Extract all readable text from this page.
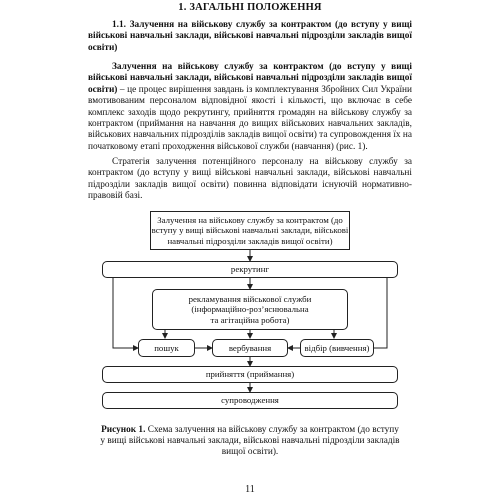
1. ЗАГАЛЬНІ ПОЛОЖЕННЯ

1.1. Залучення на військову службу за контрактом (до вступу у вищі військові навчальні заклади, військові навчальні підрозділи закладів вищої освіти)

Залучення на військову службу за контрактом (до вступу у вищі військові навчальні заклади, військові навчальні підрозділи закладів вищої освіти) – це процес вирішення завдань із комплектування Збройних Сил України вмотивованим персоналом відповідної якості і кількості, що включає в себе комплекс заходів щодо рекрутингу, прийняття громадян на військову службу за контрактом (приймання на навчання до вищих військових навчальних закладів, військових навчальних підрозділів закладів вищої освіти) та супровождення їх на початковому етапі проходження військової служби (навчання) (рис. 1).

Стратегія залучення потенційного персоналу на військову службу за контрактом (до вступу у вищі військові навчальні заклади, військові навчальні підрозділи закладів вищої освіти) повинна відповідати існуючій нормативно-правовій базі.

Залучення на військову службу за контрактом (до вступу у вищі військові навчальні заклади, військові навчальні підрозділи закладів вищої освіти)
рекрутинг
рекламування військової служби
(інформаційно-роз’яснювальна
та агітаційна робота)
пошук	вербування	відбір (вивчення)
прийняття (приймання)
супроводження
Рисунок 1. Схема залучення на військову службу за контрактом (до вступу у вищі військові навчальні заклади, військові навчальні підрозділи закладів вищої освіти).
11
